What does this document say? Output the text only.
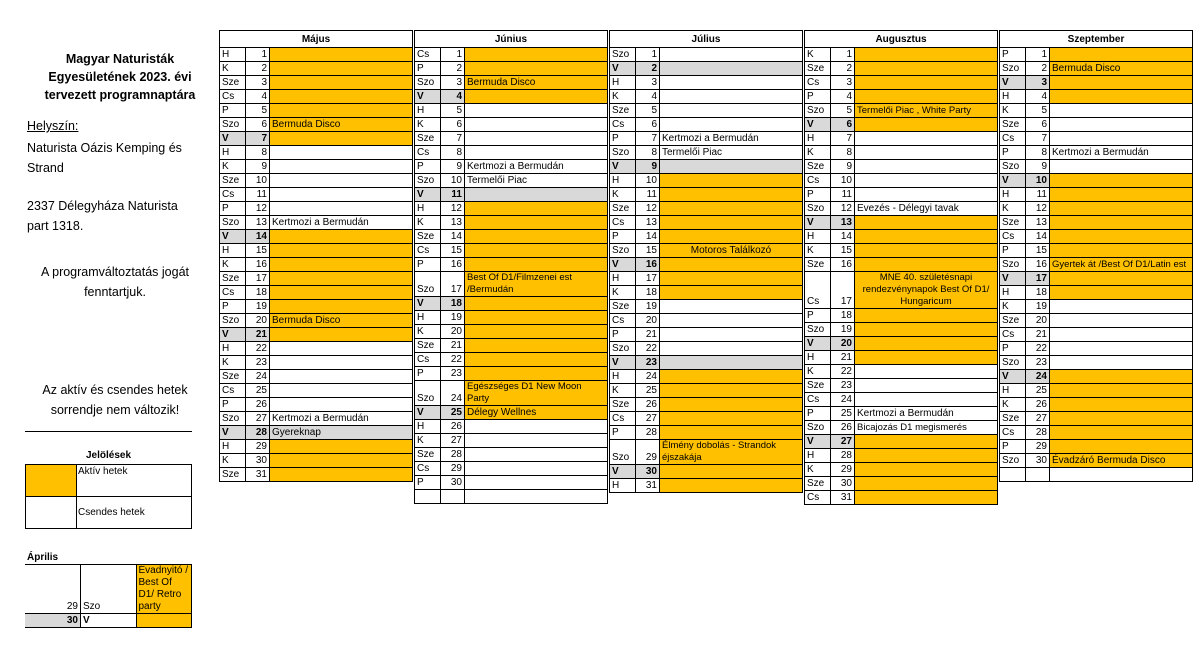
Magyar Naturisták
Egyesületének 2023. évi
tervezett programnaptára
Helyszín:
Naturista Oázis Kemping és
Strand
2337 Délegyháza Naturista
part 1318.
A programváltoztatás jogát
fenntartjuk.
Az aktív és csendes hetek
sorrendje nem változik!
Jelölések
	Aktív hetek
	Csendes hetek
Április		
29	Szo	Évadnyitó / Best Of D1/ Retro party
30	V	
Május		
H	1	
K	2	
Sze	3	
Cs	4	
P	5	
Szo	6	Bermuda Disco
V	7	
H	8	
K	9	
Sze	10	
Cs	11	
P	12	
Szo	13	Kertmozi a Bermudán
V	14	
H	15	
K	16	
Sze	17	
Cs	18	
P	19	
Szo	20	Bermuda Disco
V	21	
H	22	
K	23	
Sze	24	
Cs	25	
P	26	
Szo	27	Kertmozi a Bermudán
V	28	Gyereknap
H	29	
K	30	
Sze	31	
Június		
Cs	1	
P	2	
Szo	3	Bermuda Disco
V	4	
H	5	
K	6	
Sze	7	
Cs	8	
P	9	Kertmozi a Bermudán
Szo	10	Termelői Piac
V	11	
H	12	
K	13	
Sze	14	
Cs	15	
P	16	
Szo	17	Best Of D1/Filmzenei est /Bermudán
V	18	
H	19	
K	20	
Sze	21	
Cs	22	
P	23	
Szo	24	Egészséges D1 New Moon Party
V	25	Délegy Wellnes
H	26	
K	27	
Sze	28	
Cs	29	
P	30	

Július		
Szo	1	
V	2	
H	3	
K	4	
Sze	5	
Cs	6	
P	7	Kertmozi a Bermudán
Szo	8	Termelői Piac
V	9	
H	10	
K	11	
Sze	12	
Cs	13	
P	14	
Szo	15	Motoros Találkozó
V	16	
H	17	
K	18	
Sze	19	
Cs	20	
P	21	
Szo	22	
V	23	
H	24	
K	25	
Sze	26	
Cs	27	
P	28	
Szo	29	Élmény dobolás - Strandok éjszakája
V	30	
H	31	
Augusztus		
K	1	
Sze	2	
Cs	3	
P	4	
Szo	5	Termelői Piac , White Party
V	6	
H	7	
K	8	
Sze	9	
Cs	10	
P	11	
Szo	12	Evezés - Délegyi tavak
V	13	
H	14	
K	15	
Sze	16	
Cs	17	MNE 40. születésnapi rendezvénynapok Best Of D1/ Hungaricum
P	18	
Szo	19	
V	20	
H	21	
K	22	
Sze	23	
Cs	24	
P	25	Kertmozi a Bermudán
Szo	26	Bicajozás D1 megismerés
V	27	
H	28	
K	29	
Sze	30	
Cs	31	
Szeptember		
P	1	
Szo	2	Bermuda Disco
V	3	
H	4	
K	5	
Sze	6	
Cs	7	
P	8	Kertmozi a Bermudán
Szo	9	
V	10	
H	11	
K	12	
Sze	13	
Cs	14	
P	15	
Szo	16	Gyertek át /Best Of D1/Latin est
V	17	
H	18	
K	19	
Sze	20	
Cs	21	
P	22	
Szo	23	
V	24	
H	25	
K	26	
Sze	27	
Cs	28	
P	29	
Szo	30	Évadzáró Bermuda Disco
